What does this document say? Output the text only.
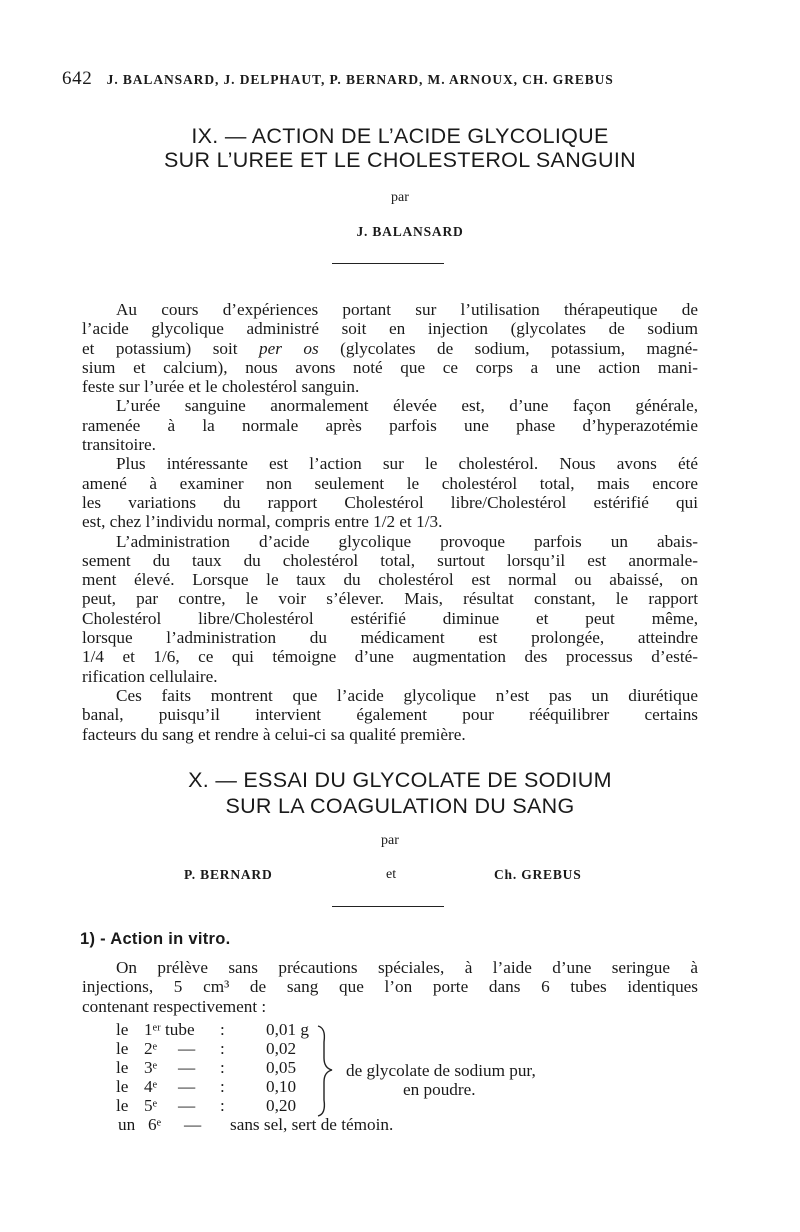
642 J. BALANSARD, J. DELPHAUT, P. BERNARD, M. ARNOUX, CH. GREBUS
IX. — ACTION DE L’ACIDE GLYCOLIQUE
SUR L’UREE ET LE CHOLESTEROL SANGUIN
par
J. BALANSARD
Au cours d’expériences portant sur l’utilisation thérapeutique de
l’acide glycolique administré soit en injection (glycolates de sodium
et potassium) soit per os (glycolates de sodium, potassium, magné-
sium et calcium), nous avons noté que ce corps a une action mani-
feste sur l’urée et le cholestérol sanguin.
L’urée sanguine anormalement élevée est, d’une façon générale,
ramenée à la normale après parfois une phase d’hyperazotémie
transitoire.
Plus intéressante est l’action sur le cholestérol. Nous avons été
amené à examiner non seulement le cholestérol total, mais encore
les variations du rapport Cholestérol libre/Cholestérol estérifié qui
est, chez l’individu normal, compris entre 1/2 et 1/3.
L’administration d’acide glycolique provoque parfois un abais-
sement du taux du cholestérol total, surtout lorsqu’il est anormale-
ment élevé. Lorsque le taux du cholestérol est normal ou abaissé, on
peut, par contre, le voir s’élever. Mais, résultat constant, le rapport
Cholestérol libre/Cholestérol estérifié diminue et peut même,
lorsque l’administration du médicament est prolongée, atteindre
1/4 et 1/6, ce qui témoigne d’une augmentation des processus d’esté-
rification cellulaire.
Ces faits montrent que l’acide glycolique n’est pas un diurétique
banal, puisqu’il intervient également pour rééquilibrer certains
facteurs du sang et rendre à celui-ci sa qualité première.
X. — ESSAI DU GLYCOLATE DE SODIUM
SUR LA COAGULATION DU SANG
par
P. BERNARD	et	Ch. GREBUS
1) - Action in vitro.
On prélève sans précautions spéciales, à l’aide d’une seringue à
injections, 5 cm³ de sang que l’on porte dans 6 tubes identiques
contenant respectivement :
le 1ᵉʳ tube : 0,01 g
le 2ᵉ — : 0,02
le 3ᵉ — : 0,05
le 4ᵉ — : 0,10
le 5ᵉ — : 0,20
un 6ᵉ — sans sel, sert de témoin.
de glycolate de sodium pur,
en poudre.
